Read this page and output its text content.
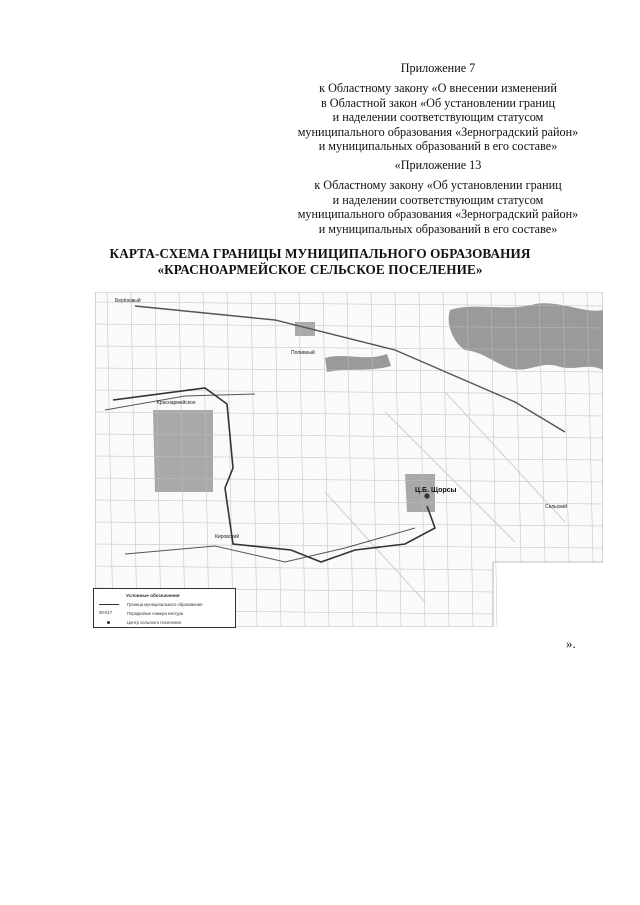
Приложение 7
к Областному закону «О внесении изменений
в Областной закон «Об установлении границ
и наделении соответствующим статусом
муниципального образования «Зерноградский район»
и муниципальных образований в его составе»
«Приложение 13
к Областному закону «Об установлении границ
и наделении соответствующим статусом
муниципального образования «Зерноградский район»
и муниципальных образований в его составе»
КАРТА-СХЕМА ГРАНИЦЫ МУНИЦИПАЛЬНОГО ОБРАЗОВАНИЯ
«КРАСНОАРМЕЙСКОЕ СЕЛЬСКОЕ ПОСЕЛЕНИЕ»
Краснармейское
Поливный
Ц.Б. Щорсы
Сельский
Кировский
Берёзовый
Условные обозначения
Граница муниципального образования
00-017	Порядковые номера контура
Центр сельского поселения
».
